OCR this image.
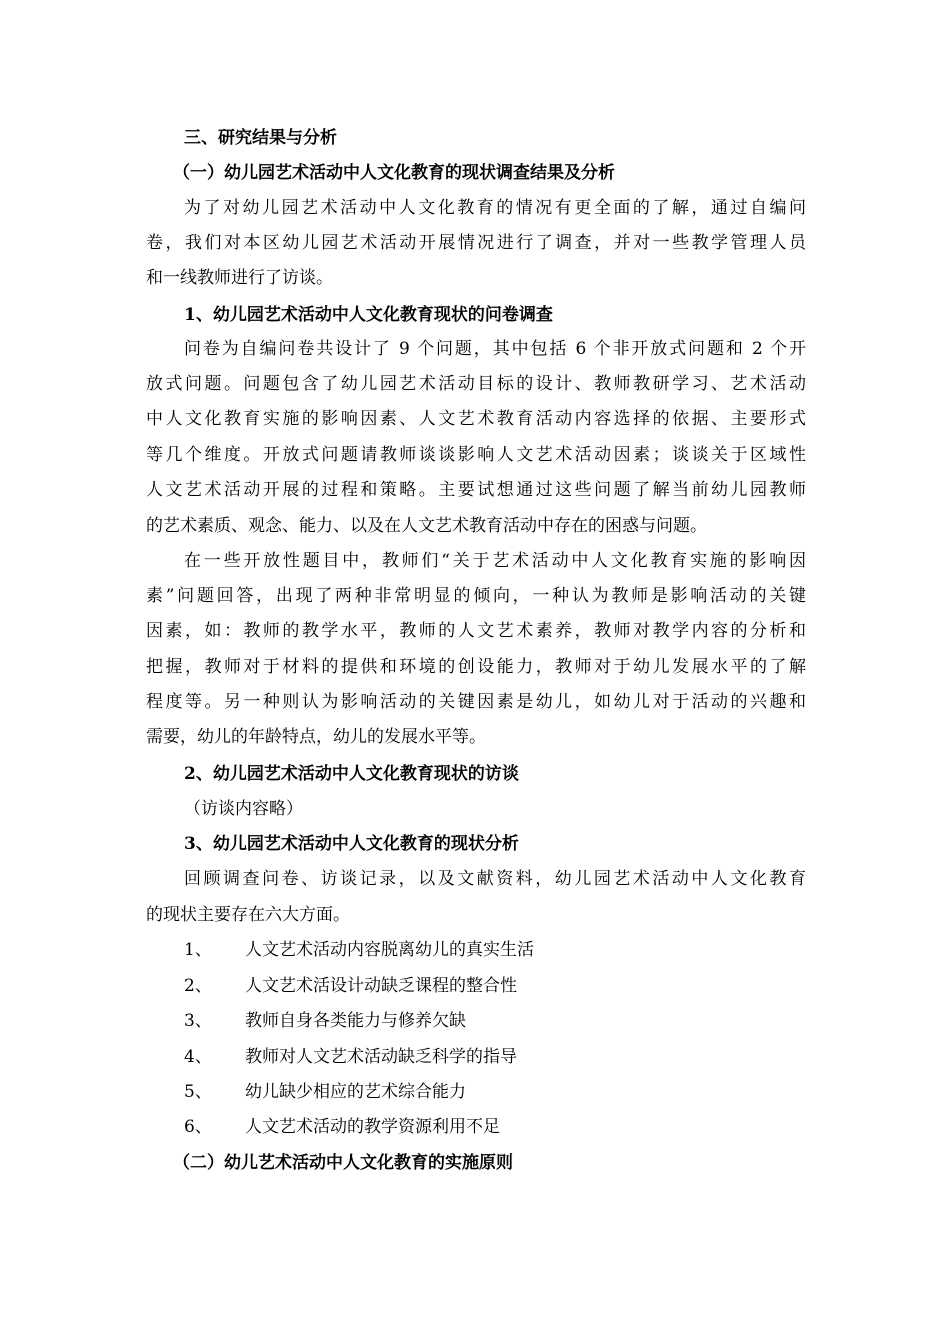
三、研究结果与分析
（一）幼儿园艺术活动中人文化教育的现状调查结果及分析
为了对幼儿园艺术活动中人文化教育的情况有更全面的了解，通过自编问
卷，我们对本区幼儿园艺术活动开展情况进行了调查，并对一些教学管理人员
和一线教师进行了访谈。
1、幼儿园艺术活动中人文化教育现状的问卷调查
问卷为自编问卷共设计了 9 个问题，其中包括 6 个非开放式问题和 2 个开
放式问题。问题包含了幼儿园艺术活动目标的设计、教师教研学习、艺术活动
中人文化教育实施的影响因素、人文艺术教育活动内容选择的依据、主要形式
等几个维度。开放式问题请教师谈谈影响人文艺术活动因素；谈谈关于区域性
人文艺术活动开展的过程和策略。主要试想通过这些问题了解当前幼儿园教师
的艺术素质、观念、能力、以及在人文艺术教育活动中存在的困惑与问题。
在一些开放性题目中，教师们“关于艺术活动中人文化教育实施的影响因
素”问题回答，出现了两种非常明显的倾向，一种认为教师是影响活动的关键
因素，如：教师的教学水平，教师的人文艺术素养，教师对教学内容的分析和
把握，教师对于材料的提供和环境的创设能力，教师对于幼儿发展水平的了解
程度等。另一种则认为影响活动的关键因素是幼儿，如幼儿对于活动的兴趣和
需要，幼儿的年龄特点，幼儿的发展水平等。
2、幼儿园艺术活动中人文化教育现状的访谈
（访谈内容略）
3、幼儿园艺术活动中人文化教育的现状分析
回顾调查问卷、访谈记录，以及文献资料，幼儿园艺术活动中人文化教育
的现状主要存在六大方面。
1、 人文艺术活动内容脱离幼儿的真实生活
2、 人文艺术活设计动缺乏课程的整合性
3、 教师自身各类能力与修养欠缺
4、 教师对人文艺术活动缺乏科学的指导
5、 幼儿缺少相应的艺术综合能力
6、 人文艺术活动的教学资源利用不足
（二）幼儿艺术活动中人文化教育的实施原则
